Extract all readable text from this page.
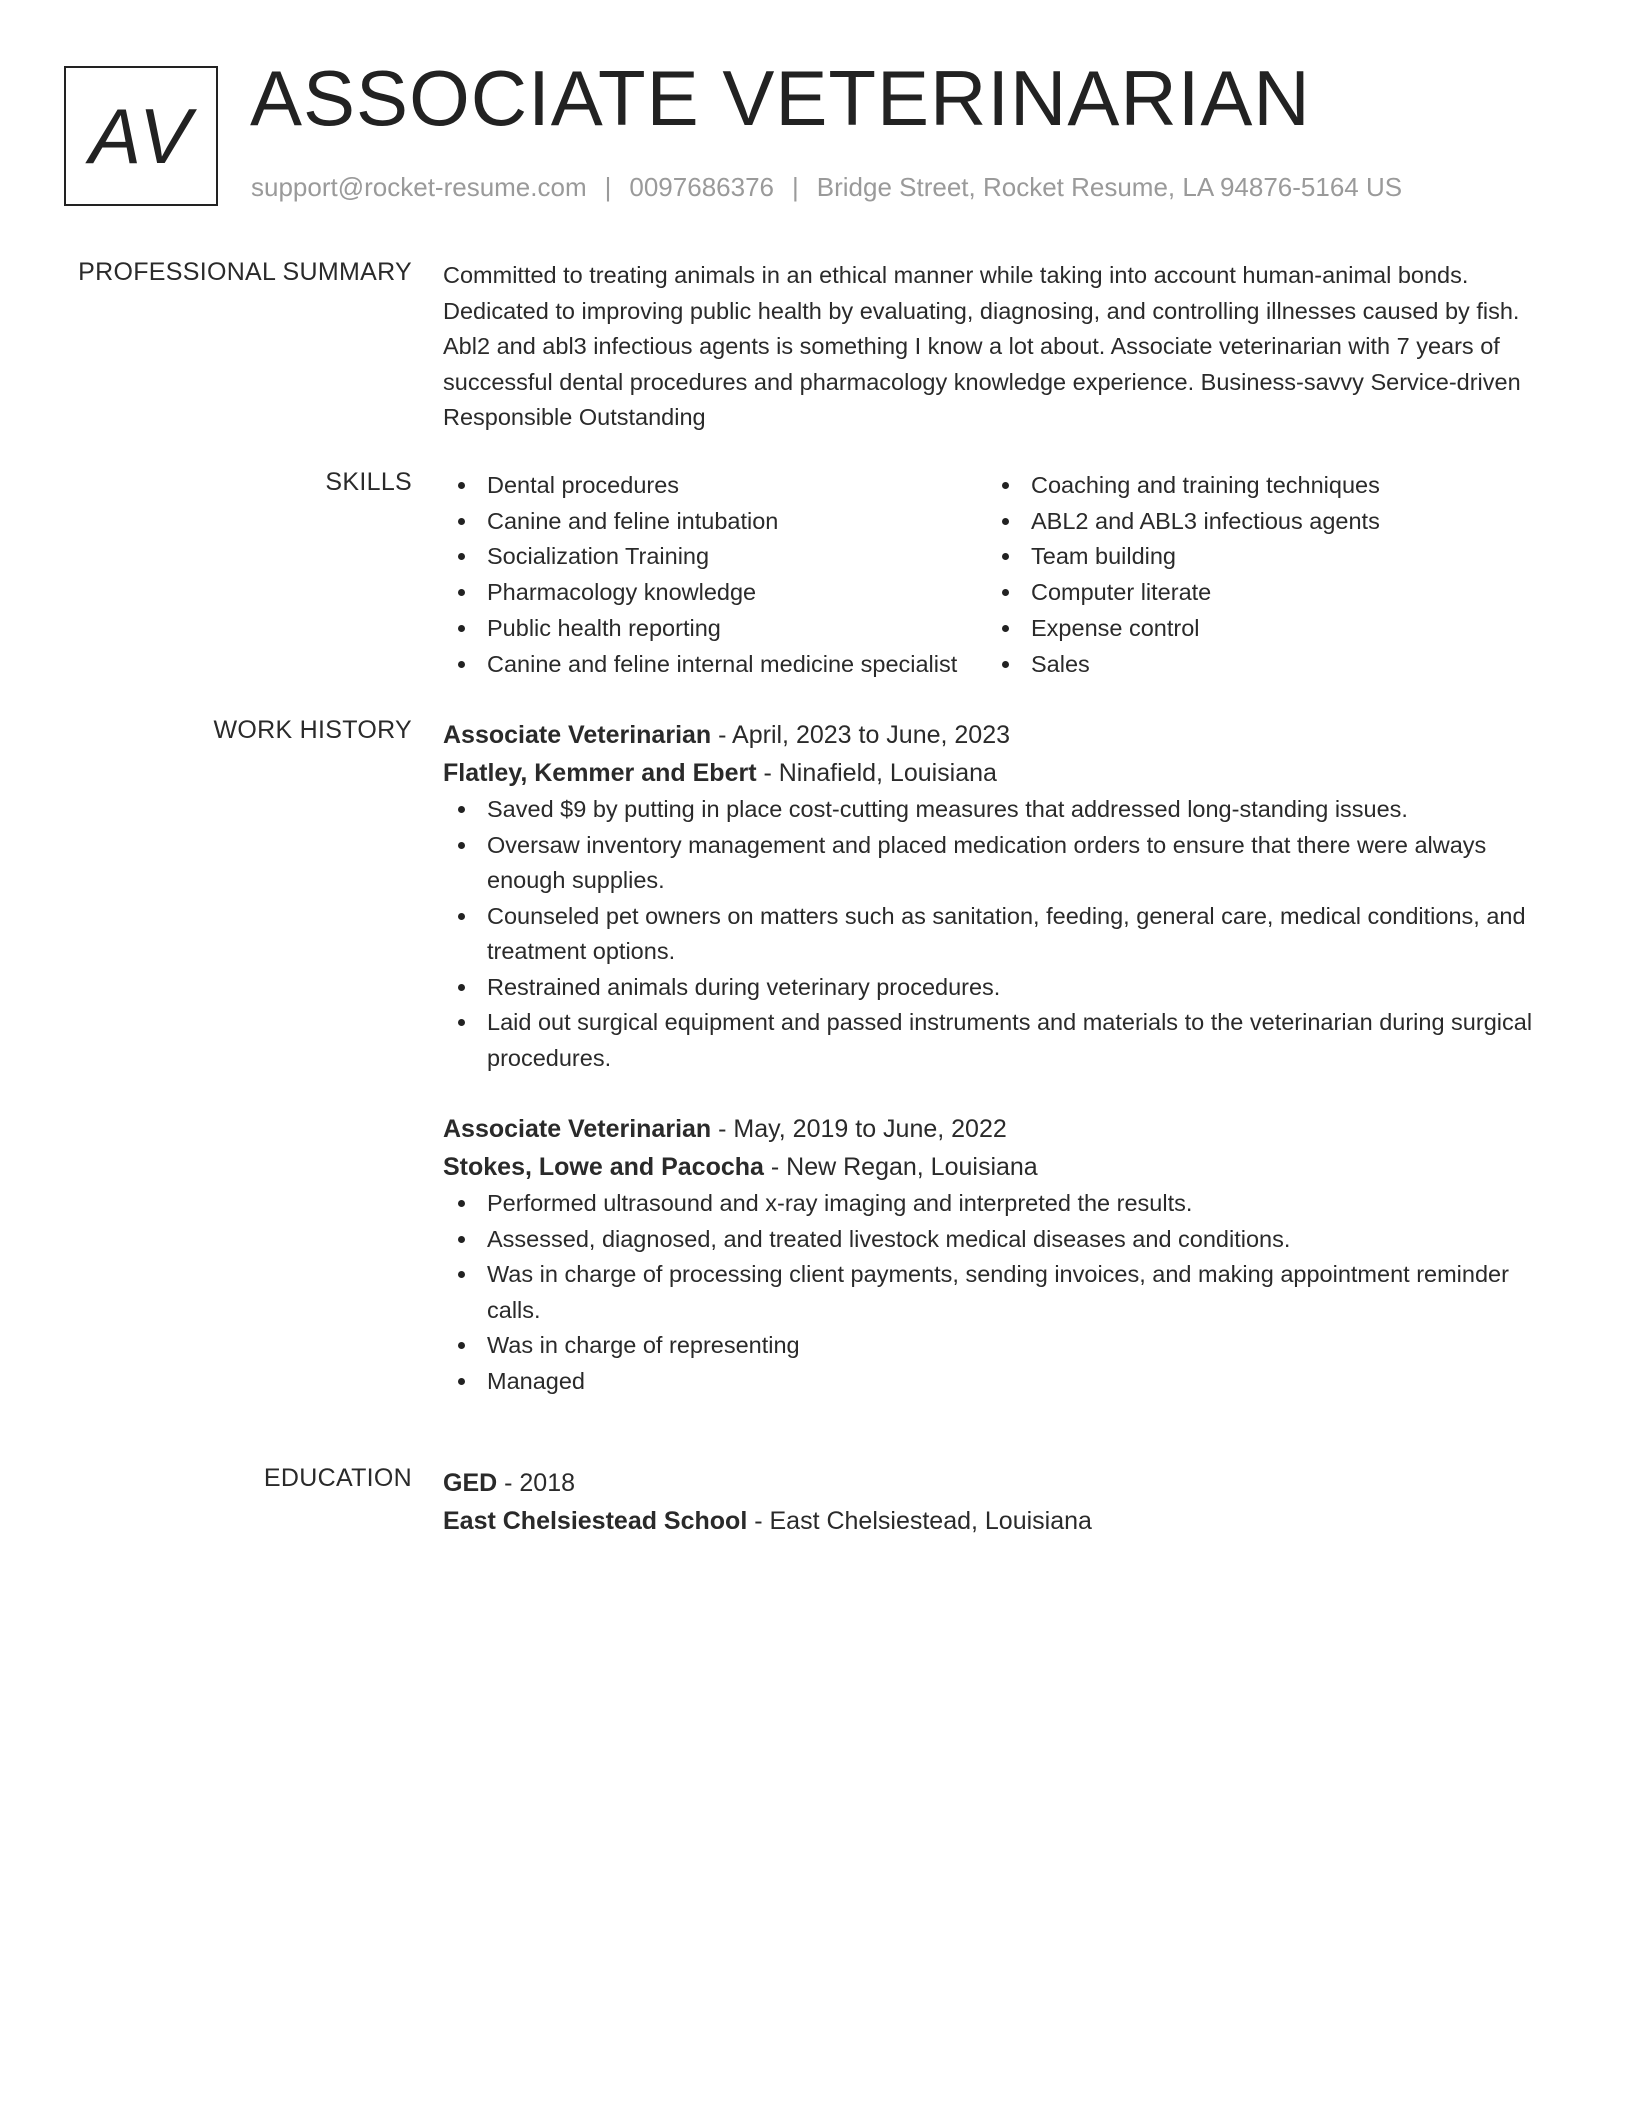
AV ASSOCIATE VETERINARIAN
support@rocket-resume.com | 0097686376 | Bridge Street, Rocket Resume, LA 94876-5164 US
PROFESSIONAL SUMMARY Committed to treating animals in an ethical manner while taking into account human-animal bonds. Dedicated to improving public health by evaluating, diagnosing, and controlling illnesses caused by fish. Abl2 and abl3 infectious agents is something I know a lot about. Associate veterinarian with 7 years of successful dental procedures and pharmacology knowledge experience. Business-savvy Service-driven Responsible Outstanding

SKILLS	Dental procedures	Coaching and training techniques
Canine and feline intubation	ABL2 and ABL3 infectious agents
Socialization Training	Team building
Pharmacology knowledge	Computer literate
Public health reporting	Expense control
Canine and feline internal medicine specialist	Sales
WORK HISTORY Associate Veterinarian - April, 2023 to June, 2023
Flatley, Kemmer and Ebert - Ninafield, Louisiana
Saved $9 by putting in place cost-cutting measures that addressed long-standing issues.
Oversaw inventory management and placed medication orders to ensure that there were always enough supplies.
Counseled pet owners on matters such as sanitation, feeding, general care, medical conditions, and treatment options.
Restrained animals during veterinary procedures.
Laid out surgical equipment and passed instruments and materials to the veterinarian during surgical procedures.
Associate Veterinarian - May, 2019 to June, 2022
Stokes, Lowe and Pacocha - New Regan, Louisiana
Performed ultrasound and x-ray imaging and interpreted the results.
Assessed, diagnosed, and treated livestock medical diseases and conditions.
Was in charge of processing client payments, sending invoices, and making appointment reminder calls.
Was in charge of representing
Managed
EDUCATION GED - 2018
East Chelsiestead School - East Chelsiestead, Louisiana
